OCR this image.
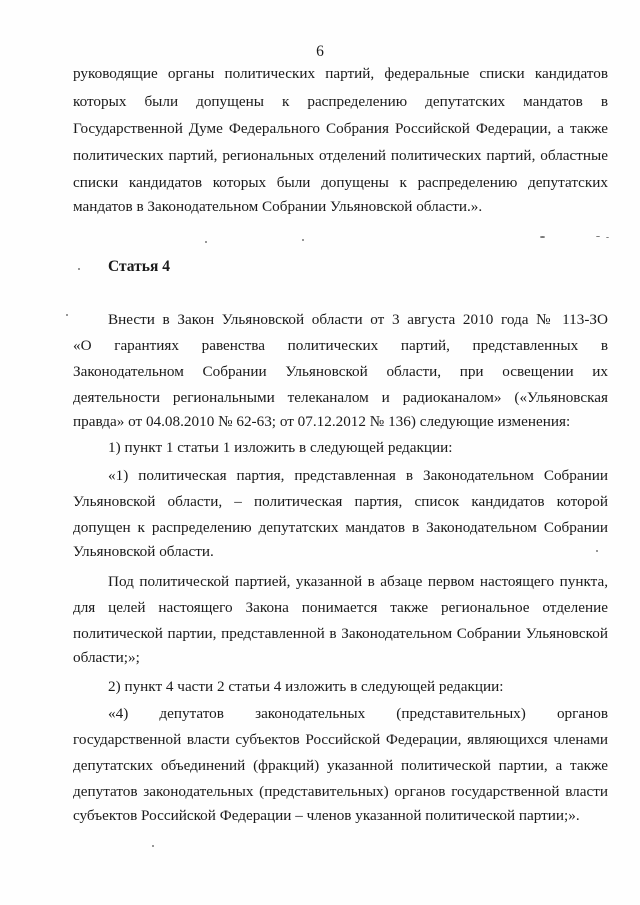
6
руководящие органы политических партий, федеральные списки кандидатов
которых были допущены к распределению депутатских мандатов в
Государственной Думе Федерального Собрания Российской Федерации, а также
политических партий, региональных отделений политических партий, областные
списки кандидатов которых были допущены к распределению депутатских
мандатов в Законодательном Собрании Ульяновской области.».
Статья 4
Внести в Закон Ульяновской области от 3 августа 2010 года № 113-ЗО
«О гарантиях равенства политических партий, представленных в
Законодательном Собрании Ульяновской области, при освещении их
деятельности региональными телеканалом и радиоканалом» («Ульяновская
правда» от 04.08.2010 № 62-63; от 07.12.2012 № 136) следующие изменения:
1) пункт 1 статьи 1 изложить в следующей редакции:
«1) политическая партия, представленная в Законодательном Собрании
Ульяновской области, – политическая партия, список кандидатов которой
допущен к распределению депутатских мандатов в Законодательном Собрании
Ульяновской области.
Под политической партией, указанной в абзаце первом настоящего пункта,
для целей настоящего Закона понимается также региональное отделение
политической партии, представленной в Законодательном Собрании Ульяновской
области;»;
2) пункт 4 части 2 статьи 4 изложить в следующей редакции:
«4) депутатов законодательных (представительных) органов
государственной власти субъектов Российской Федерации, являющихся членами
депутатских объединений (фракций) указанной политической партии, а также
депутатов законодательных (представительных) органов государственной власти
субъектов Российской Федерации – членов указанной политической партии;».
